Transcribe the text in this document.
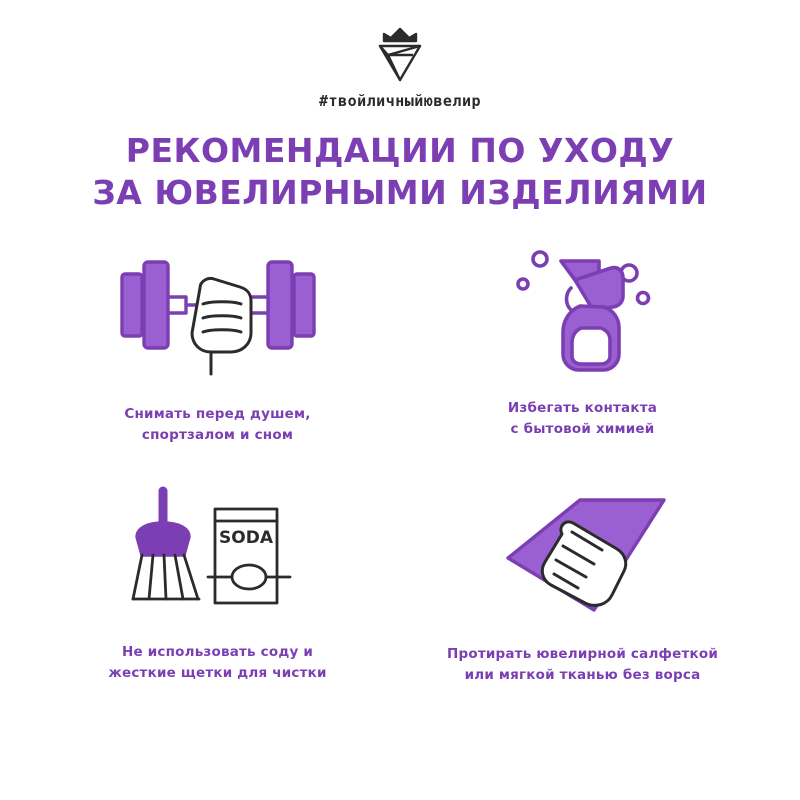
#твойличныйювелир
РЕКОМЕНДАЦИИ ПО УХОДУ
ЗА ЮВЕЛИРНЫМИ ИЗДЕЛИЯМИ
Снимать перед душем,
спортзалом и сном
Избегать контакта
с бытовой химией
SODA
Не использовать соду и
жесткие щетки для чистки
Протирать ювелирной салфеткой
или мягкой тканью без ворса
